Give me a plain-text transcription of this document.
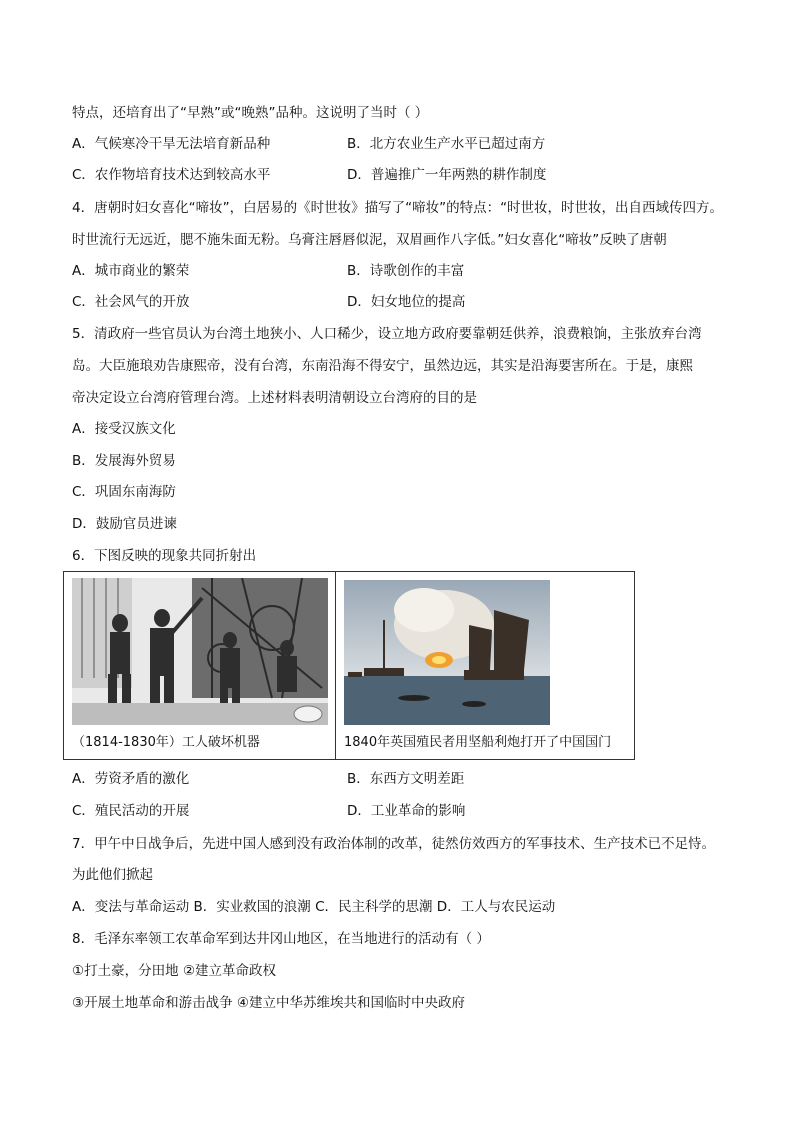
特点，还培育出了“早熟”或“晚熟”品种。这说明了当时（ ）
A．气候寒冷干旱无法培育新品种	B．北方农业生产水平已超过南方
C．农作物培育技术达到较高水平	D．普遍推广一年两熟的耕作制度
4．唐朝时妇女喜化“啼妆”，白居易的《时世妆》描写了“啼妆”的特点：“时世妆，时世妆，出自西域传四方。
时世流行无远近，腮不施朱面无粉。乌膏注唇唇似泥，双眉画作八字低。”妇女喜化“啼妆”反映了唐朝
A．城市商业的繁荣	B．诗歌创作的丰富
C．社会风气的开放	D．妇女地位的提高
5．清政府一些官员认为台湾土地狭小、人口稀少，设立地方政府要靠朝廷供养，浪费粮饷，主张放弃台湾
岛。大臣施琅劝告康熙帝，没有台湾，东南沿海不得安宁，虽然边远，其实是沿海要害所在。于是，康熙
帝决定设立台湾府管理台湾。上述材料表明清朝设立台湾府的目的是
A．接受汉族文化
B．发展海外贸易
C．巩固东南海防
D．鼓励官员进谏
6．下图反映的现象共同折射出
（1814-1830年）工人破坏机器	1840年英国殖民者用坚船利炮打开了中国国门
A．劳资矛盾的激化	B．东西方文明差距
C．殖民活动的开展	D．工业革命的影响
7．甲午中日战争后，先进中国人感到没有政治体制的改革，徒然仿效西方的军事技术、生产技术已不足恃。
为此他们掀起
A．变法与革命运动 B．实业救国的浪潮 C．民主科学的思潮 D．工人与农民运动
8．毛泽东率领工农革命军到达井冈山地区，在当地进行的活动有（ ）
①打土豪，分田地 ②建立革命政权
③开展土地革命和游击战争 ④建立中华苏维埃共和国临时中央政府
